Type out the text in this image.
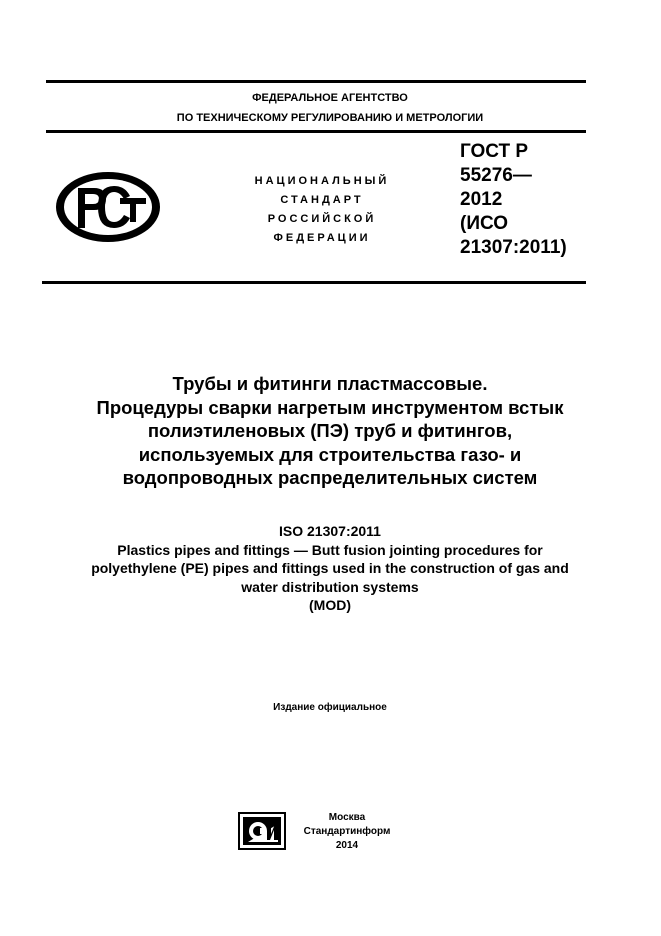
ФЕДЕРАЛЬНОЕ АГЕНТСТВО
ПО ТЕХНИЧЕСКОМУ РЕГУЛИРОВАНИЮ И МЕТРОЛОГИИ
НАЦИОНАЛЬНЫЙ
СТАНДАРТ
РОССИЙСКОЙ
ФЕДЕРАЦИИ
ГОСТ Р
55276—
2012
(ИСО
21307:2011)
Трубы и фитинги пластмассовые.
Процедуры сварки нагретым инструментом встык
полиэтиленовых (ПЭ) труб и фитингов,
используемых для строительства газо- и
водопроводных распределительных систем
ISO 21307:2011
Plastics pipes and fittings — Butt fusion jointing procedures for
polyethylene (PE) pipes and fittings used in the construction of gas and
water distribution systems
(MOD)
Издание официальное
Москва
Стандартинформ
2014
